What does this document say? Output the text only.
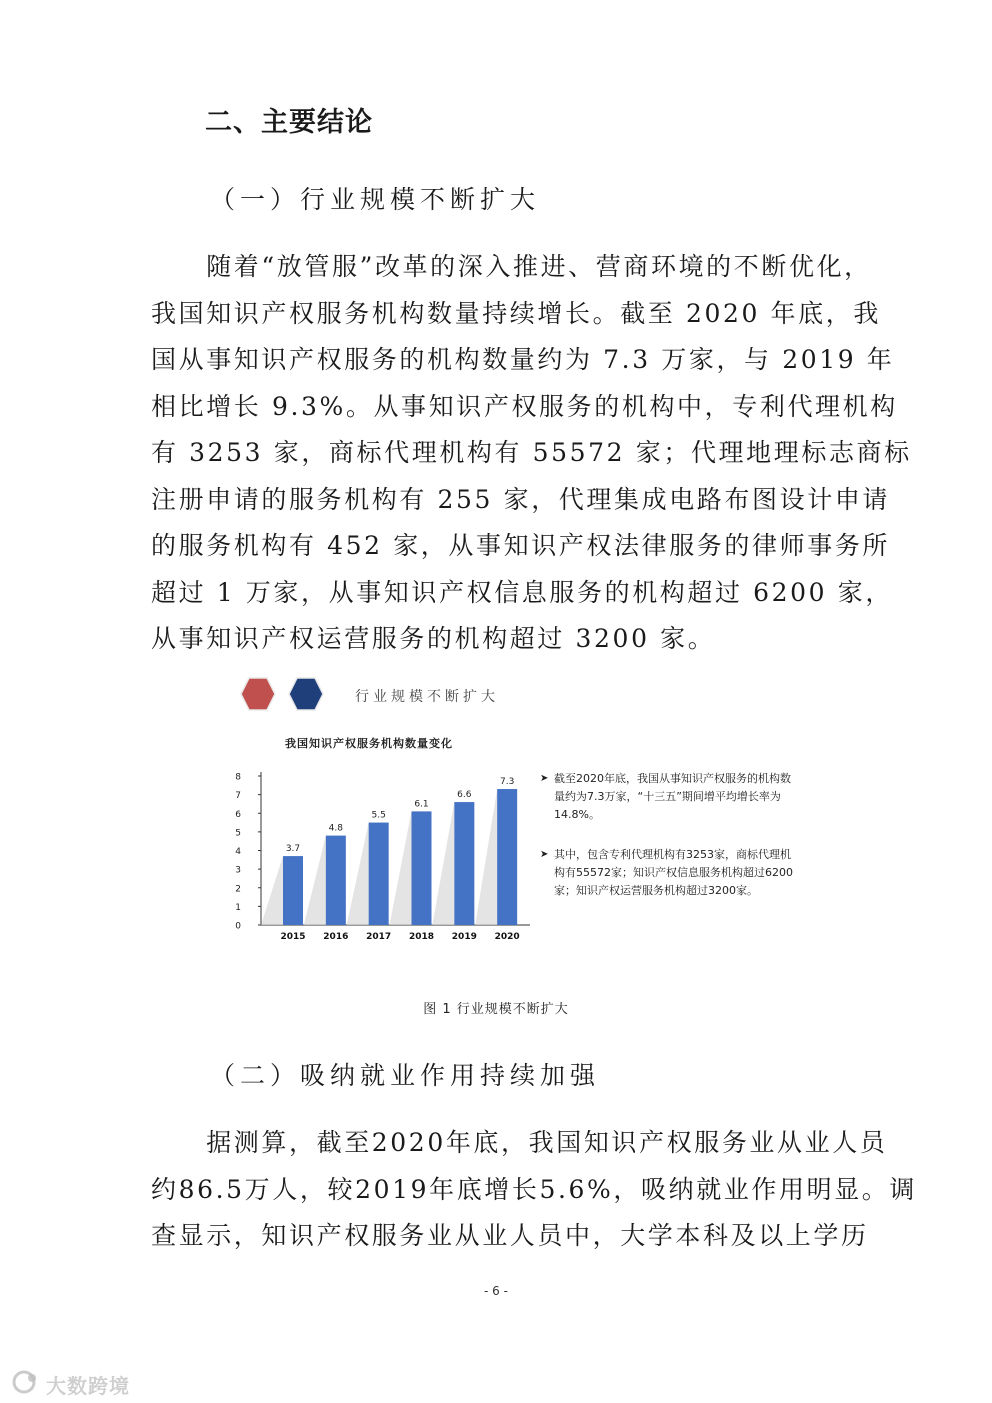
二、主要结论
（一）行业规模不断扩大

　　随着“放管服”改革的深入推进、营商环境的不断优化，
我国知识产权服务机构数量持续增长。截至 2020 年底，我
国从事知识产权服务的机构数量约为 7.3 万家，与 2019 年
相比增长 9.3%。从事知识产权服务的机构中，专利代理机构
有 3253 家，商标代理机构有 55572 家；代理地理标志商标
注册申请的服务机构有 255 家，代理集成电路布图设计申请
的服务机构有 452 家，从事知识产权法律服务的律师事务所
超过 1 万家，从事知识产权信息服务的机构超过 6200 家，
从事知识产权运营服务的机构超过 3200 家。

行业规模不断扩大
我国知识产权服务机构数量变化
0
1
2
3
4
5
6
7
8
3.7
2015
4.8
2016
5.5
2017
6.1
2018
6.6
2019
7.3
2020
➤ 截至2020年底，我国从事知识产权服务的机构数量约为7.3万家，“十三五”期间增平均增长率为14.8%。
➤ 其中，包含专利代理机构有3253家，商标代理机构有55572家；知识产权信息服务机构超过6200家；知识产权运营服务机构超过3200家。
图 1 行业规模不断扩大
（二）吸纳就业作用持续加强

　　据测算，截至2020年底，我国知识产权服务业从业人员
约86.5万人，较2019年底增长5.6%，吸纳就业作用明显。调
查显示，知识产权服务业从业人员中，大学本科及以上学历

- 6 -
大数跨境
